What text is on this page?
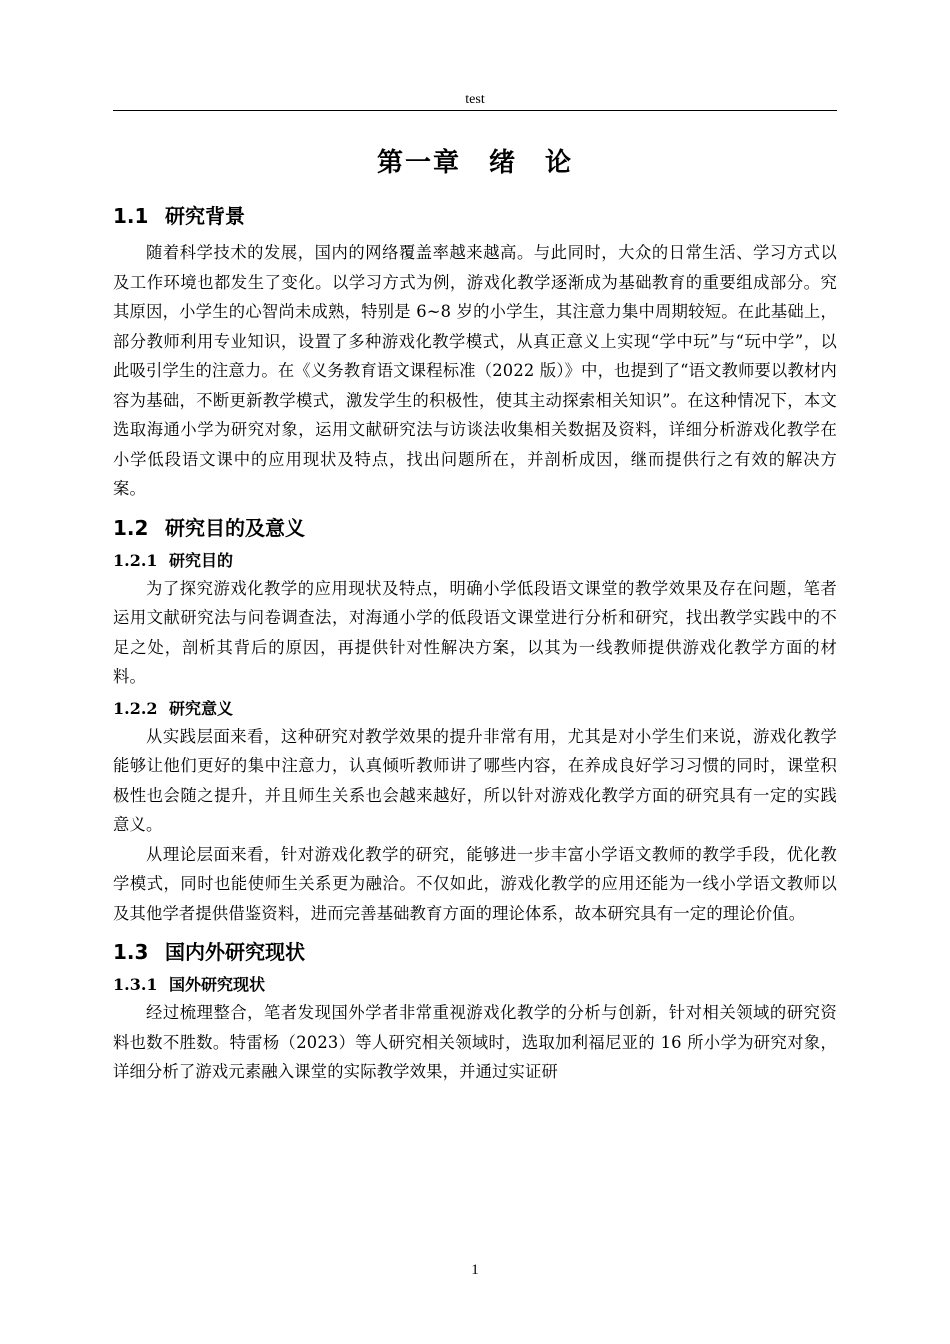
test
第一章　绪　论
1.1 研究背景

随着科学技术的发展，国内的网络覆盖率越来越高。与此同时，大众的日常生活、学习方式以及工作环境也都发生了变化。以学习方式为例，游戏化教学逐渐成为基础教育的重要组成部分。究其原因，小学生的心智尚未成熟，特别是 6~8 岁的小学生，其注意力集中周期较短。在此基础上，部分教师利用专业知识，设置了多种游戏化教学模式，从真正意义上实现“学中玩”与“玩中学”，以此吸引学生的注意力。在《义务教育语文课程标准（2022 版）》中，也提到了“语文教师要以教材内容为基础，不断更新教学模式，激发学生的积极性，使其主动探索相关知识”。在这种情况下，本文选取海通小学为研究对象，运用文献研究法与访谈法收集相关数据及资料，详细分析游戏化教学在小学低段语文课中的应用现状及特点，找出问题所在，并剖析成因，继而提供行之有效的解决方案。

1.2 研究目的及意义
1.2.1 研究目的

为了探究游戏化教学的应用现状及特点，明确小学低段语文课堂的教学效果及存在问题，笔者运用文献研究法与问卷调查法，对海通小学的低段语文课堂进行分析和研究，找出教学实践中的不足之处，剖析其背后的原因，再提供针对性解决方案，以其为一线教师提供游戏化教学方面的材料。

1.2.2 研究意义

从实践层面来看，这种研究对教学效果的提升非常有用，尤其是对小学生们来说，游戏化教学能够让他们更好的集中注意力，认真倾听教师讲了哪些内容，在养成良好学习习惯的同时，课堂积极性也会随之提升，并且师生关系也会越来越好，所以针对游戏化教学方面的研究具有一定的实践意义。

从理论层面来看，针对游戏化教学的研究，能够进一步丰富小学语文教师的教学手段，优化教学模式，同时也能使师生关系更为融洽。不仅如此，游戏化教学的应用还能为一线小学语文教师以及其他学者提供借鉴资料，进而完善基础教育方面的理论体系，故本研究具有一定的理论价值。

1.3 国内外研究现状
1.3.1 国外研究现状

经过梳理整合，笔者发现国外学者非常重视游戏化教学的分析与创新，针对相关领域的研究资料也数不胜数。特雷杨（2023）等人研究相关领域时，选取加利福尼亚的 16 所小学为研究对象，详细分析了游戏元素融入课堂的实际教学效果，并通过实证研

1
